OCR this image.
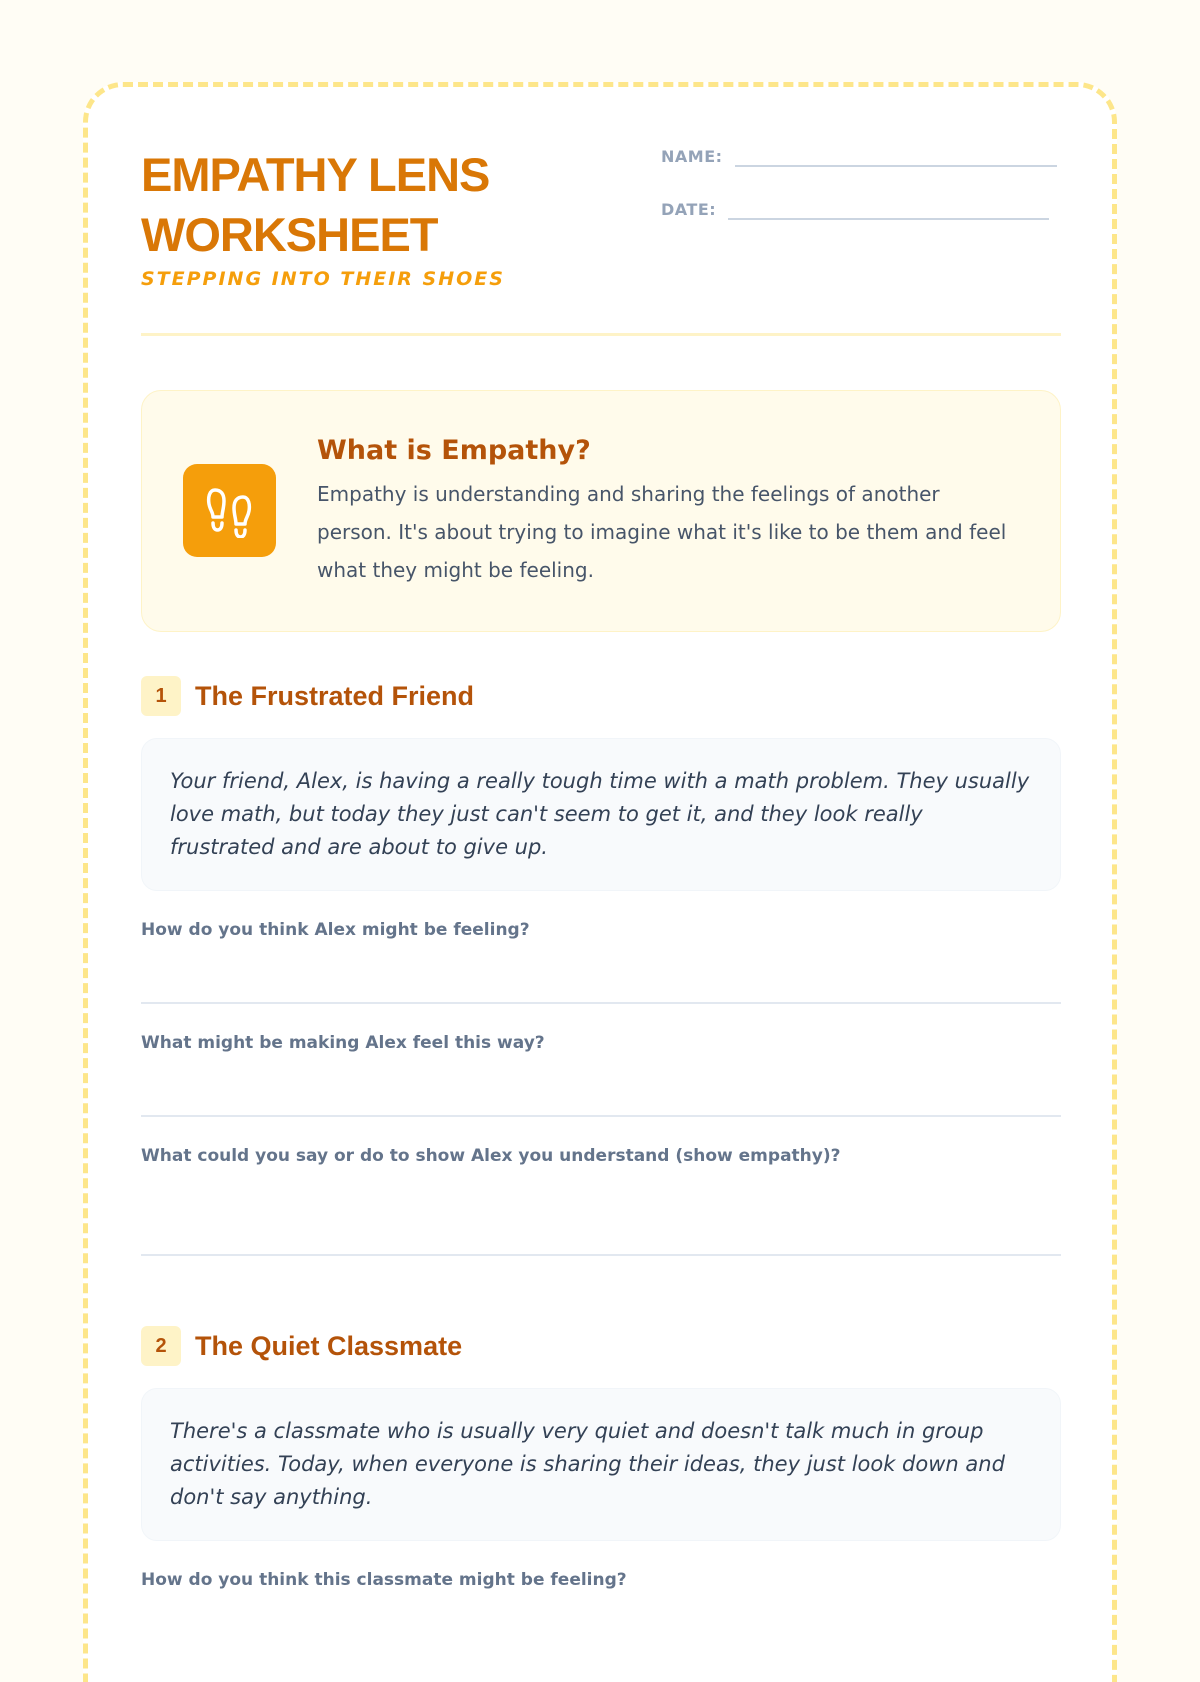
EMPATHY LENS WORKSHEET
STEPPING INTO THEIR SHOES
NAME:
DATE:
What is Empathy?
Empathy is understanding and sharing the feelings of another person. It's about trying to imagine what it's like to be them and feel what they might be feeling.
1	The Frustrated Friend
Your friend, Alex, is having a really tough time with a math problem. They usually love math, but today they just can't seem to get it, and they look really frustrated and are about to give up.
How do you think Alex might be feeling?
What might be making Alex feel this way?
What could you say or do to show Alex you understand (show empathy)?
2	The Quiet Classmate
There's a classmate who is usually very quiet and doesn't talk much in group activities. Today, when everyone is sharing their ideas, they just look down and don't say anything.
How do you think this classmate might be feeling?
